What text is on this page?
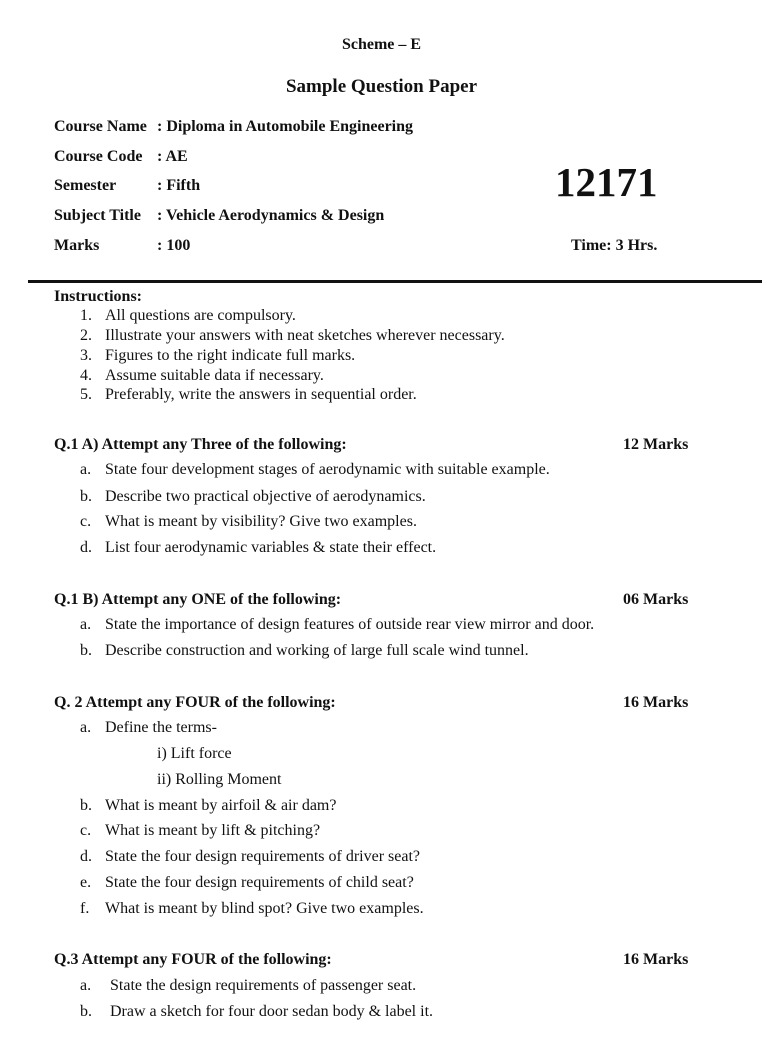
Scheme – E
Sample Question Paper
Course Name : Diploma in Automobile Engineering
Course Code : AE
Semester	: Fifth
Subject Title : Vehicle Aerodynamics & Design
Marks	: 100
12171
Time: 3 Hrs.
Instructions:
1. All questions are compulsory.
2. Illustrate your answers with neat sketches wherever necessary.
3. Figures to the right indicate full marks.
4. Assume suitable data if necessary.
5. Preferably, write the answers in sequential order.
Q.1 A) Attempt any Three of the following:	12 Marks
a. State four development stages of aerodynamic with suitable example.
b. Describe two practical objective of aerodynamics.
c. What is meant by visibility? Give two examples.
d. List four aerodynamic variables & state their effect.
Q.1 B) Attempt any ONE of the following:	06 Marks
a. State the importance of design features of outside rear view mirror and door.
b. Describe construction and working of large full scale wind tunnel.
Q. 2 Attempt any FOUR of the following:	16 Marks
a. Define the terms-
i) Lift force
ii) Rolling Moment
b. What is meant by airfoil & air dam?
c. What is meant by lift & pitching?
d. State the four design requirements of driver seat?
e. State the four design requirements of child seat?
f. What is meant by blind spot? Give two examples.
Q.3 Attempt any FOUR of the following:	16 Marks
a. State the design requirements of passenger seat.
b. Draw a sketch for four door sedan body & label it.
